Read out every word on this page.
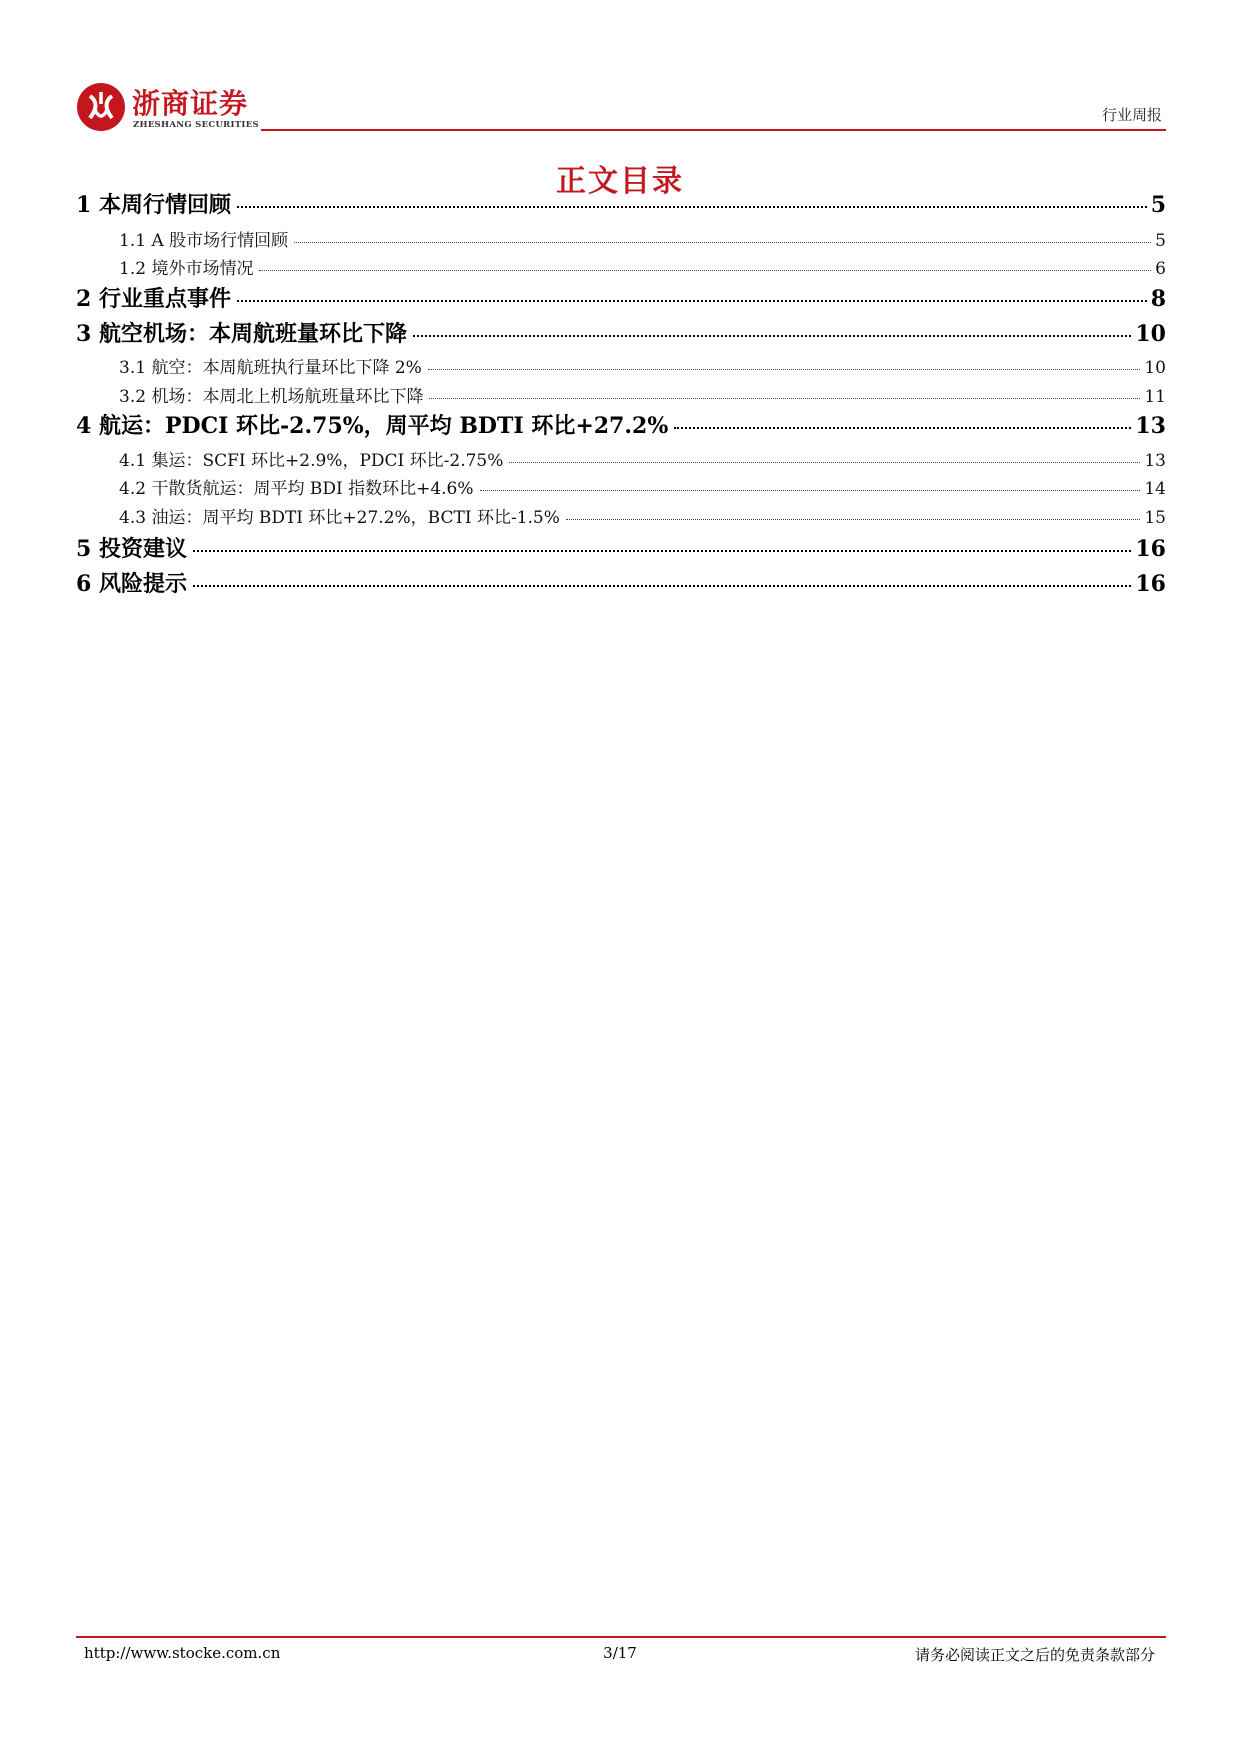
浙商证券
ZHESHANG SECURITIES
行业周报
正文目录
1 本周行情回顾	5
1.1 A 股市场行情回顾	5
1.2 境外市场情况	6
2 行业重点事件	8
3 航空机场：本周航班量环比下降	10
3.1 航空：本周航班执行量环比下降 2%	10
3.2 机场：本周北上机场航班量环比下降	11
4 航运：PDCI 环比-2.75%，周平均 BDTI 环比+27.2%	13
4.1 集运：SCFI 环比+2.9%，PDCI 环比-2.75%	13
4.2 干散货航运：周平均 BDI 指数环比+4.6%	14
4.3 油运：周平均 BDTI 环比+27.2%，BCTI 环比-1.5%	15
5 投资建议	16
6 风险提示	16
http://www.stocke.com.cn	3/17	请务必阅读正文之后的免责条款部分
